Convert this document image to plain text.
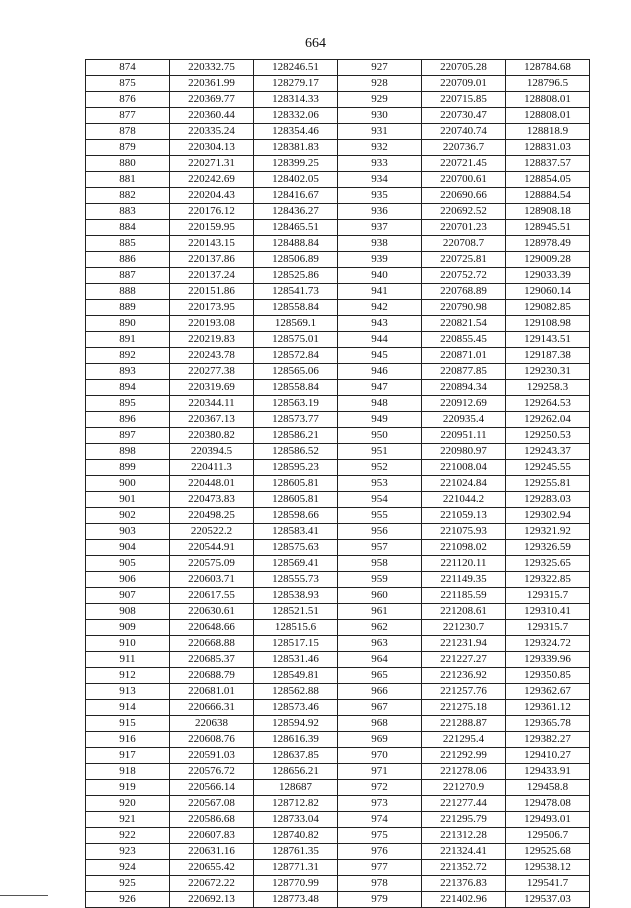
664
874	220332.75	128246.51	927	220705.28	128784.68
875	220361.99	128279.17	928	220709.01	128796.5
876	220369.77	128314.33	929	220715.85	128808.01
877	220360.44	128332.06	930	220730.47	128808.01
878	220335.24	128354.46	931	220740.74	128818.9
879	220304.13	128381.83	932	220736.7	128831.03
880	220271.31	128399.25	933	220721.45	128837.57
881	220242.69	128402.05	934	220700.61	128854.05
882	220204.43	128416.67	935	220690.66	128884.54
883	220176.12	128436.27	936	220692.52	128908.18
884	220159.95	128465.51	937	220701.23	128945.51
885	220143.15	128488.84	938	220708.7	128978.49
886	220137.86	128506.89	939	220725.81	129009.28
887	220137.24	128525.86	940	220752.72	129033.39
888	220151.86	128541.73	941	220768.89	129060.14
889	220173.95	128558.84	942	220790.98	129082.85
890	220193.08	128569.1	943	220821.54	129108.98
891	220219.83	128575.01	944	220855.45	129143.51
892	220243.78	128572.84	945	220871.01	129187.38
893	220277.38	128565.06	946	220877.85	129230.31
894	220319.69	128558.84	947	220894.34	129258.3
895	220344.11	128563.19	948	220912.69	129264.53
896	220367.13	128573.77	949	220935.4	129262.04
897	220380.82	128586.21	950	220951.11	129250.53
898	220394.5	128586.52	951	220980.97	129243.37
899	220411.3	128595.23	952	221008.04	129245.55
900	220448.01	128605.81	953	221024.84	129255.81
901	220473.83	128605.81	954	221044.2	129283.03
902	220498.25	128598.66	955	221059.13	129302.94
903	220522.2	128583.41	956	221075.93	129321.92
904	220544.91	128575.63	957	221098.02	129326.59
905	220575.09	128569.41	958	221120.11	129325.65
906	220603.71	128555.73	959	221149.35	129322.85
907	220617.55	128538.93	960	221185.59	129315.7
908	220630.61	128521.51	961	221208.61	129310.41
909	220648.66	128515.6	962	221230.7	129315.7
910	220668.88	128517.15	963	221231.94	129324.72
911	220685.37	128531.46	964	221227.27	129339.96
912	220688.79	128549.81	965	221236.92	129350.85
913	220681.01	128562.88	966	221257.76	129362.67
914	220666.31	128573.46	967	221275.18	129361.12
915	220638	128594.92	968	221288.87	129365.78
916	220608.76	128616.39	969	221295.4	129382.27
917	220591.03	128637.85	970	221292.99	129410.27
918	220576.72	128656.21	971	221278.06	129433.91
919	220566.14	128687	972	221270.9	129458.8
920	220567.08	128712.82	973	221277.44	129478.08
921	220586.68	128733.04	974	221295.79	129493.01
922	220607.83	128740.82	975	221312.28	129506.7
923	220631.16	128761.35	976	221324.41	129525.68
924	220655.42	128771.31	977	221352.72	129538.12
925	220672.22	128770.99	978	221376.83	129541.7
926	220692.13	128773.48	979	221402.96	129537.03
